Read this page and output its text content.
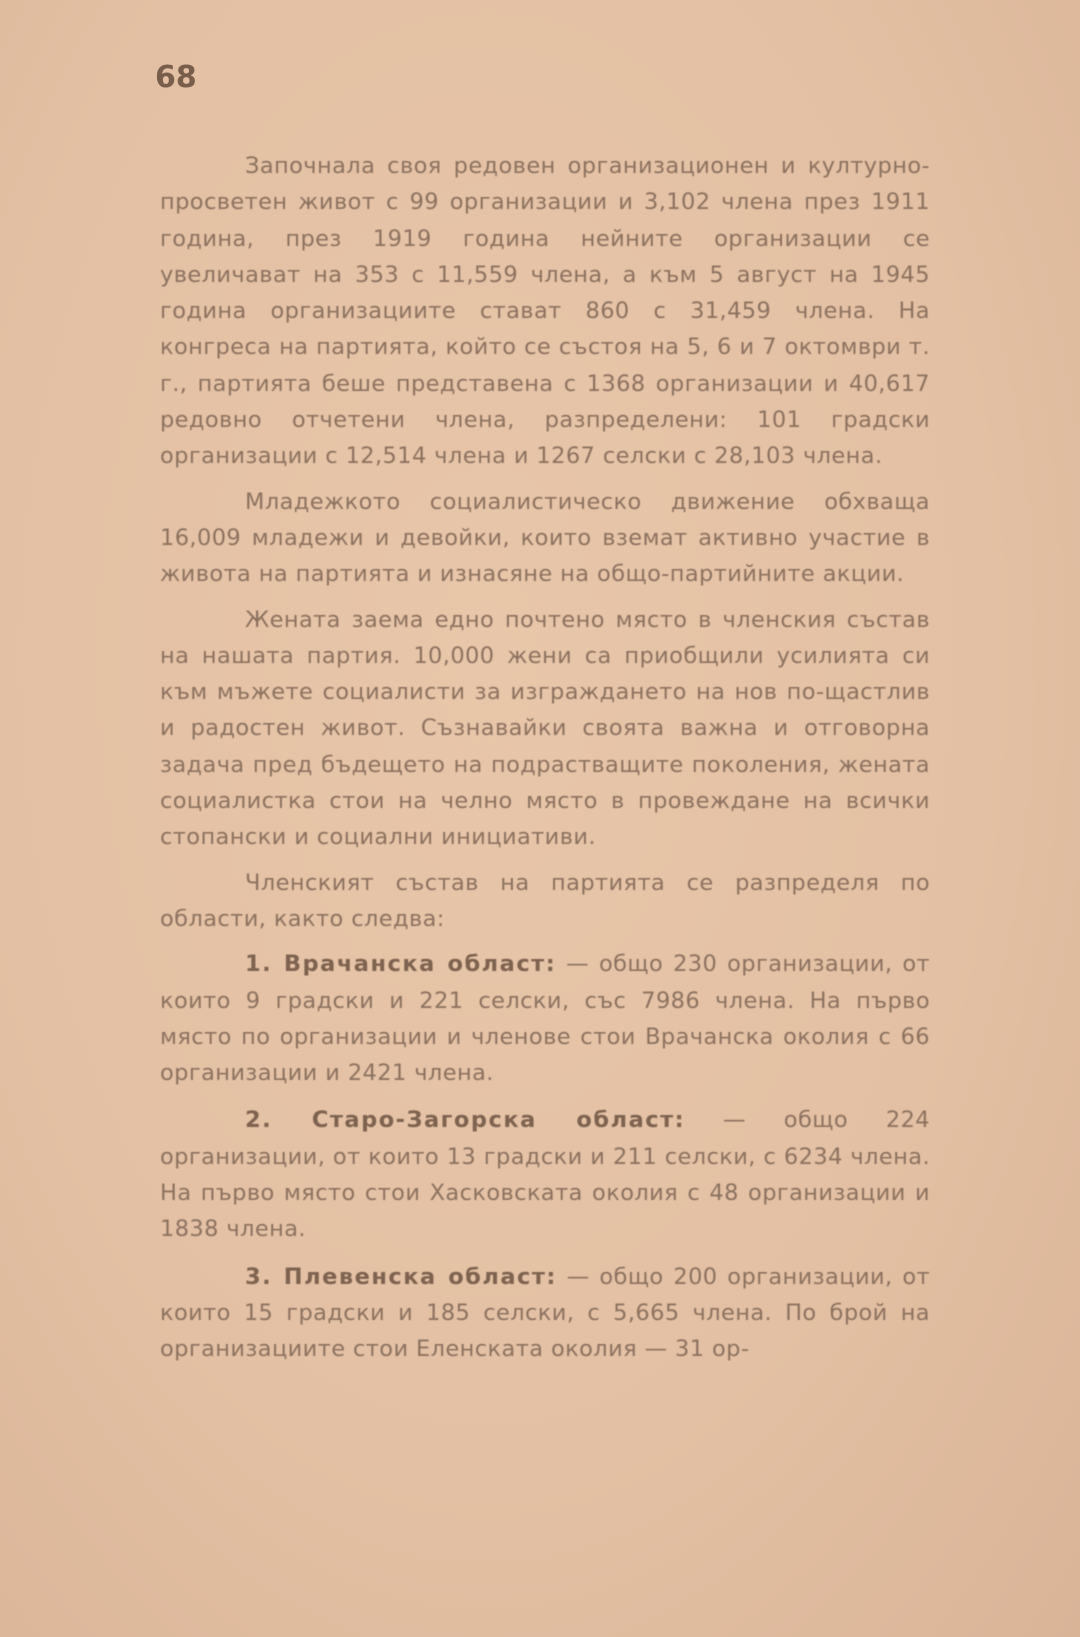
68

Започнала своя редовен организационен и културно-просветен живот с 99 организации и 3,102 члена през 1911 година, през 1919 година нейните организации се увеличават на 353 с 11,559 члена, а към 5 август на 1945 година организациите стават 860 с 31,459 члена. На конгреса на партията, който се състоя на 5, 6 и 7 октомври т. г., партията беше представена с 1368 организации и 40,617 редовно отчетени члена, разпределени: 101 градски организации с 12,514 члена и 1267 селски с 28,103 члена.

Младежкото социалистическо движение обхваща 16,009 младежи и девойки, които вземат активно участие в живота на партията и изнасяне на общо-партийните акции.

Жената заема едно почтено място в членския състав на нашата партия. 10,000 жени са приобщили усилията си към мъжете социалисти за изграждането на нов по-щастлив и радостен живот. Съзнавайки своята важна и отговорна задача пред бъдещето на подрастващите поколения, жената социалистка стои на челно място в провеждане на всички стопански и социални инициативи.

Членският състав на партията се разпределя по области, както следва:

1. Врачанска област: — общо 230 организации, от които 9 градски и 221 селски, със 7986 члена. На първо място по организации и членове стои Врачанска околия с 66 организации и 2421 члена.

2. Старо-Загорска област: — общо 224 организации, от които 13 градски и 211 селски, с 6234 члена. На първо място стои Хасковската околия с 48 организации и 1838 члена.

3. Плевенска област: — общо 200 организации, от които 15 градски и 185 селски, с 5,665 члена. По брой на организациите стои Еленската околия — 31 ор-
